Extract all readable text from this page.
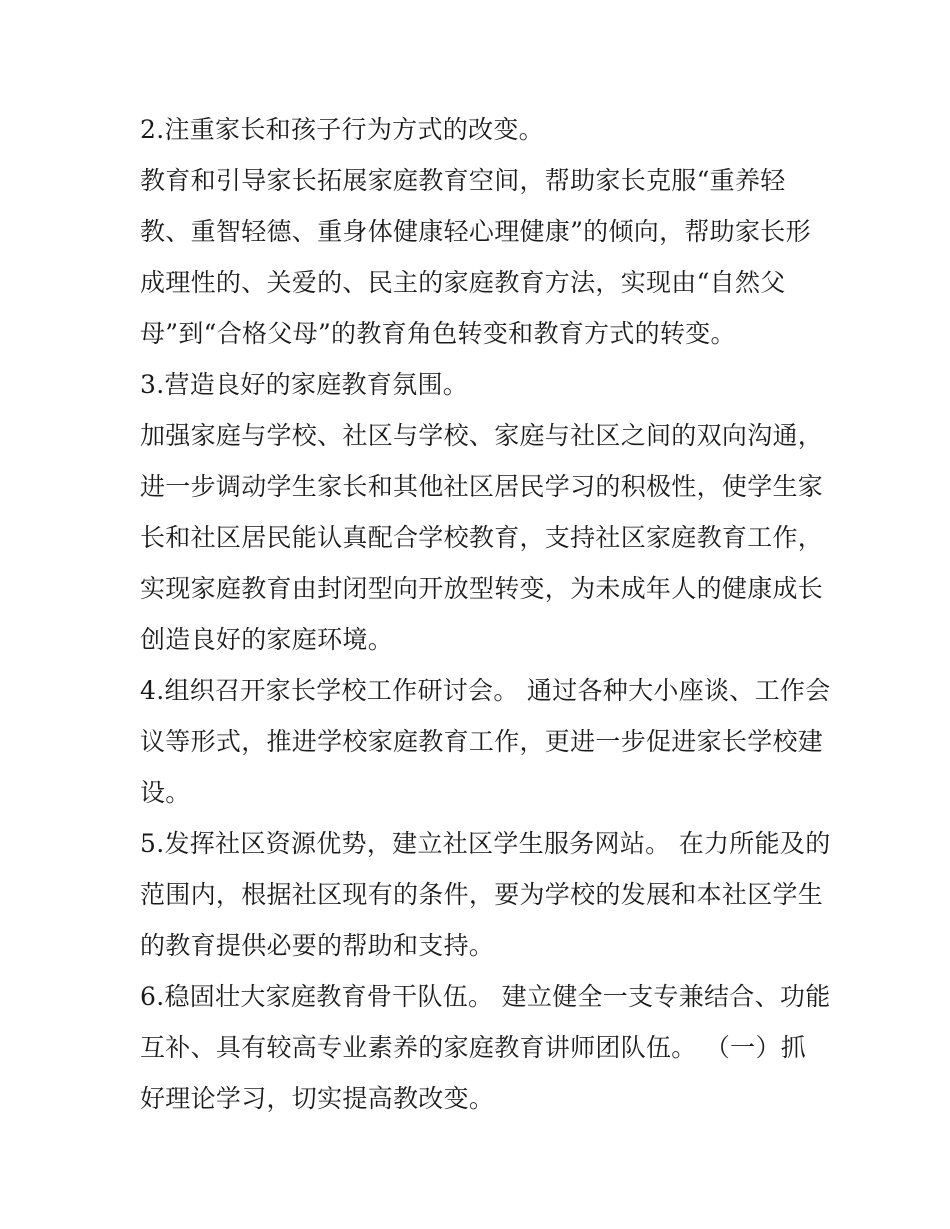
2.注重家长和孩子行为方式的改变。
教育和引导家长拓展家庭教育空间，帮助家长克服“重养轻
教、重智轻德、重身体健康轻心理健康”的倾向，帮助家长形
成理性的、关爱的、民主的家庭教育方法，实现由“自然父
母”到“合格父母”的教育角色转变和教育方式的转变。
3.营造良好的家庭教育氛围。
加强家庭与学校、社区与学校、家庭与社区之间的双向沟通，
进一步调动学生家长和其他社区居民学习的积极性，使学生家
长和社区居民能认真配合学校教育，支持社区家庭教育工作，
实现家庭教育由封闭型向开放型转变，为未成年人的健康成长
创造良好的家庭环境。
4.组织召开家长学校工作研讨会。 通过各种大小座谈、工作会
议等形式，推进学校家庭教育工作，更进一步促进家长学校建
设。
5.发挥社区资源优势，建立社区学生服务网站。 在力所能及的
范围内，根据社区现有的条件，要为学校的发展和本社区学生
的教育提供必要的帮助和支持。
6.稳固壮大家庭教育骨干队伍。 建立健全一支专兼结合、功能
互补、具有较高专业素养的家庭教育讲师团队伍。 （一）抓
好理论学习，切实提高教改变。
